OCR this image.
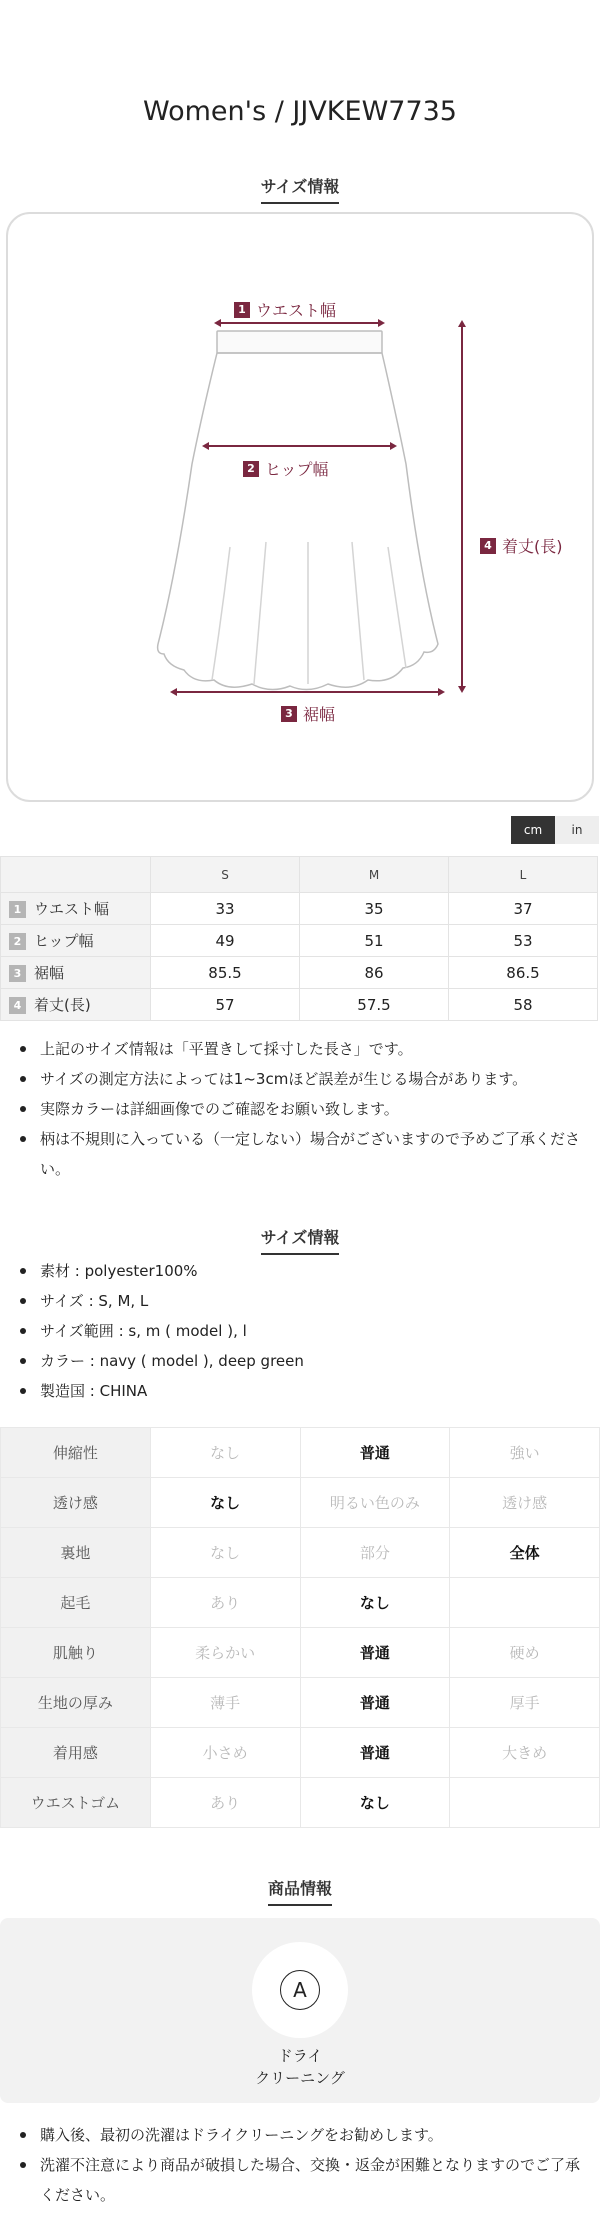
Women's / JJVKEW7735
サイズ情報
1 ウエスト幅
2 ヒップ幅
4 着丈(長)
3 裾幅
cm	in
	S	M	L
1 ウエスト幅	33	35	37
2 ヒップ幅	49	51	53
3 裾幅	85.5	86	86.5
4 着丈(長)	57	57.5	58
上記のサイズ情報は「平置きして採寸した長さ」です。
サイズの測定方法によっては1~3cmほど誤差が生じる場合があります。
実際カラーは詳細画像でのご確認をお願い致します。
柄は不規則に入っている（一定しない）場合がございますので予めご了承ください。
サイズ情報
素材 : polyester100%
サイズ : S, M, L
サイズ範囲 : s, m ( model ), l
カラー : navy ( model ), deep green
製造国 : CHINA
伸縮性	なし	普通	強い
透け感	なし	明るい色のみ	透け感
裏地	なし	部分	全体
起毛	あり	なし	
肌触り	柔らかい	普通	硬め
生地の厚み	薄手	普通	厚手
着用感	小さめ	普通	大きめ
ウエストゴム	あり	なし	
商品情報
A
ドライ
クリーニング
購入後、最初の洗濯はドライクリーニングをお勧めします。
洗濯不注意により商品が破損した場合、交換・返金が困難となりますのでご了承ください。
